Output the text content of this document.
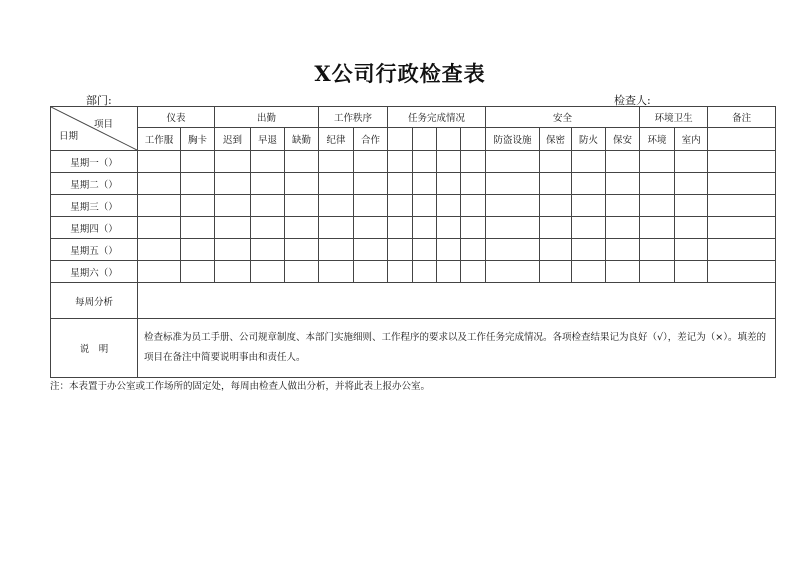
X公司行政检查表
部门:	检查人:
项目
日期	仪表		出勤			工作秩序		任务完成情况				安全				环境卫生		备注
	工作服	胸卡	迟到	早退	缺勤	纪律	合作					防盗设施	保密	防火	保安	环境	室内	
星期一（）																		
星期二（）																		
星期三（）																		
星期四（）																		
星期五（）																		
星期六（）																		
每周分析																		
说　明	检查标准为员工手册、公司规章制度、本部门实施细则、工作程序的要求以及工作任务完成情况。各项检查结果记为良好（√），差记为（×）。填差的项目在备注中简要说明事由和责任人。																	
注：本表置于办公室或工作场所的固定处，每周由检查人做出分析，并将此表上报办公室。
